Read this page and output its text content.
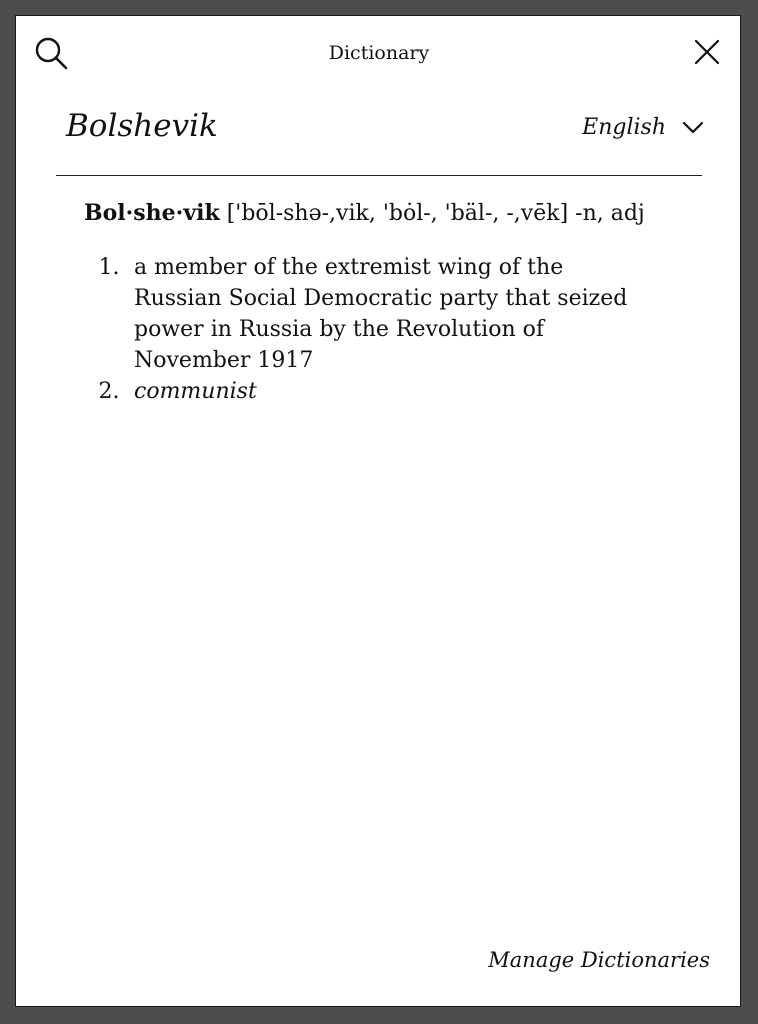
Dictionary
Bolshevik	English
Bol·she·vik ['bōl-shə-,vik, 'bȯl-, 'bäl-, -,vēk] -n, adj
1. a member of the extremist wing of the Russian Social Democratic party that seized power in Russia by the Revolution of November 1917
2. communist
Manage Dictionaries
